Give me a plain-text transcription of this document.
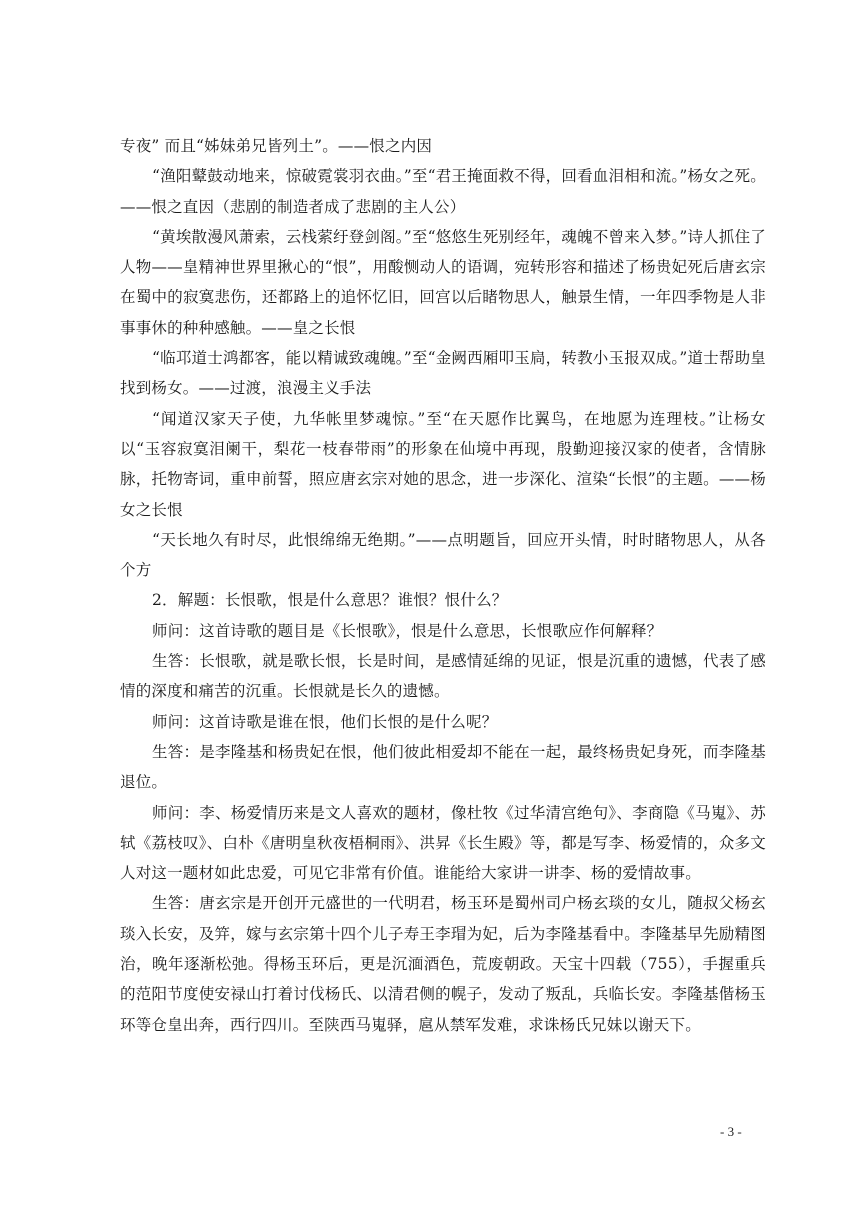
专夜” 而且“姊妹弟兄皆列土”。——恨之内因

“渔阳鼙鼓动地来，惊破霓裳羽衣曲。”至“君王掩面救不得，回看血泪相和流。”杨女之死。——恨之直因（悲剧的制造者成了悲剧的主人公）

“黄埃散漫风萧索，云栈萦纡登剑阁。”至“悠悠生死别经年，魂魄不曾来入梦。”诗人抓住了人物——皇精神世界里揪心的“恨”，用酸恻动人的语调，宛转形容和描述了杨贵妃死后唐玄宗在蜀中的寂寞悲伤，还都路上的追怀忆旧，回宫以后睹物思人，触景生情，一年四季物是人非事事休的种种感触。——皇之长恨

“临邛道士鸿都客，能以精诚致魂魄。”至“金阙西厢叩玉扃，转教小玉报双成。”道士帮助皇找到杨女。——过渡，浪漫主义手法

“闻道汉家天子使，九华帐里梦魂惊。”至“在天愿作比翼鸟，在地愿为连理枝。”让杨女以“玉容寂寞泪阑干，梨花一枝春带雨”的形象在仙境中再现，殷勤迎接汉家的使者，含情脉脉，托物寄词，重申前誓，照应唐玄宗对她的思念，进一步深化、渲染“长恨”的主题。——杨女之长恨

“天长地久有时尽，此恨绵绵无绝期。”——点明题旨，回应开头情，时时睹物思人，从各个方

2．解题：长恨歌，恨是什么意思？谁恨？恨什么？

师问：这首诗歌的题目是《长恨歌》，恨是什么意思，长恨歌应作何解释？

生答：长恨歌，就是歌长恨，长是时间，是感情延绵的见证，恨是沉重的遗憾，代表了感情的深度和痛苦的沉重。长恨就是长久的遗憾。

师问：这首诗歌是谁在恨，他们长恨的是什么呢？

生答：是李隆基和杨贵妃在恨，他们彼此相爱却不能在一起，最终杨贵妃身死，而李隆基退位。

师问：李、杨爱情历来是文人喜欢的题材，像杜牧《过华清宫绝句》、李商隐《马嵬》、苏轼《荔枝叹》、白朴《唐明皇秋夜梧桐雨》、洪昇《长生殿》等，都是写李、杨爱情的，众多文人对这一题材如此忠爱，可见它非常有价值。谁能给大家讲一讲李、杨的爱情故事。

生答：唐玄宗是开创开元盛世的一代明君，杨玉环是蜀州司户杨玄琰的女儿，随叔父杨玄琰入长安，及笄，嫁与玄宗第十四个儿子寿王李瑁为妃，后为李隆基看中。李隆基早先励精图治，晚年逐渐松弛。得杨玉环后，更是沉湎酒色，荒废朝政。天宝十四载（755），手握重兵的范阳节度使安禄山打着讨伐杨氏、以清君侧的幌子，发动了叛乱，兵临长安。李隆基偕杨玉环等仓皇出奔，西行四川。至陕西马嵬驿，扈从禁军发难，求诛杨氏兄妹以谢天下。

- 3 -
